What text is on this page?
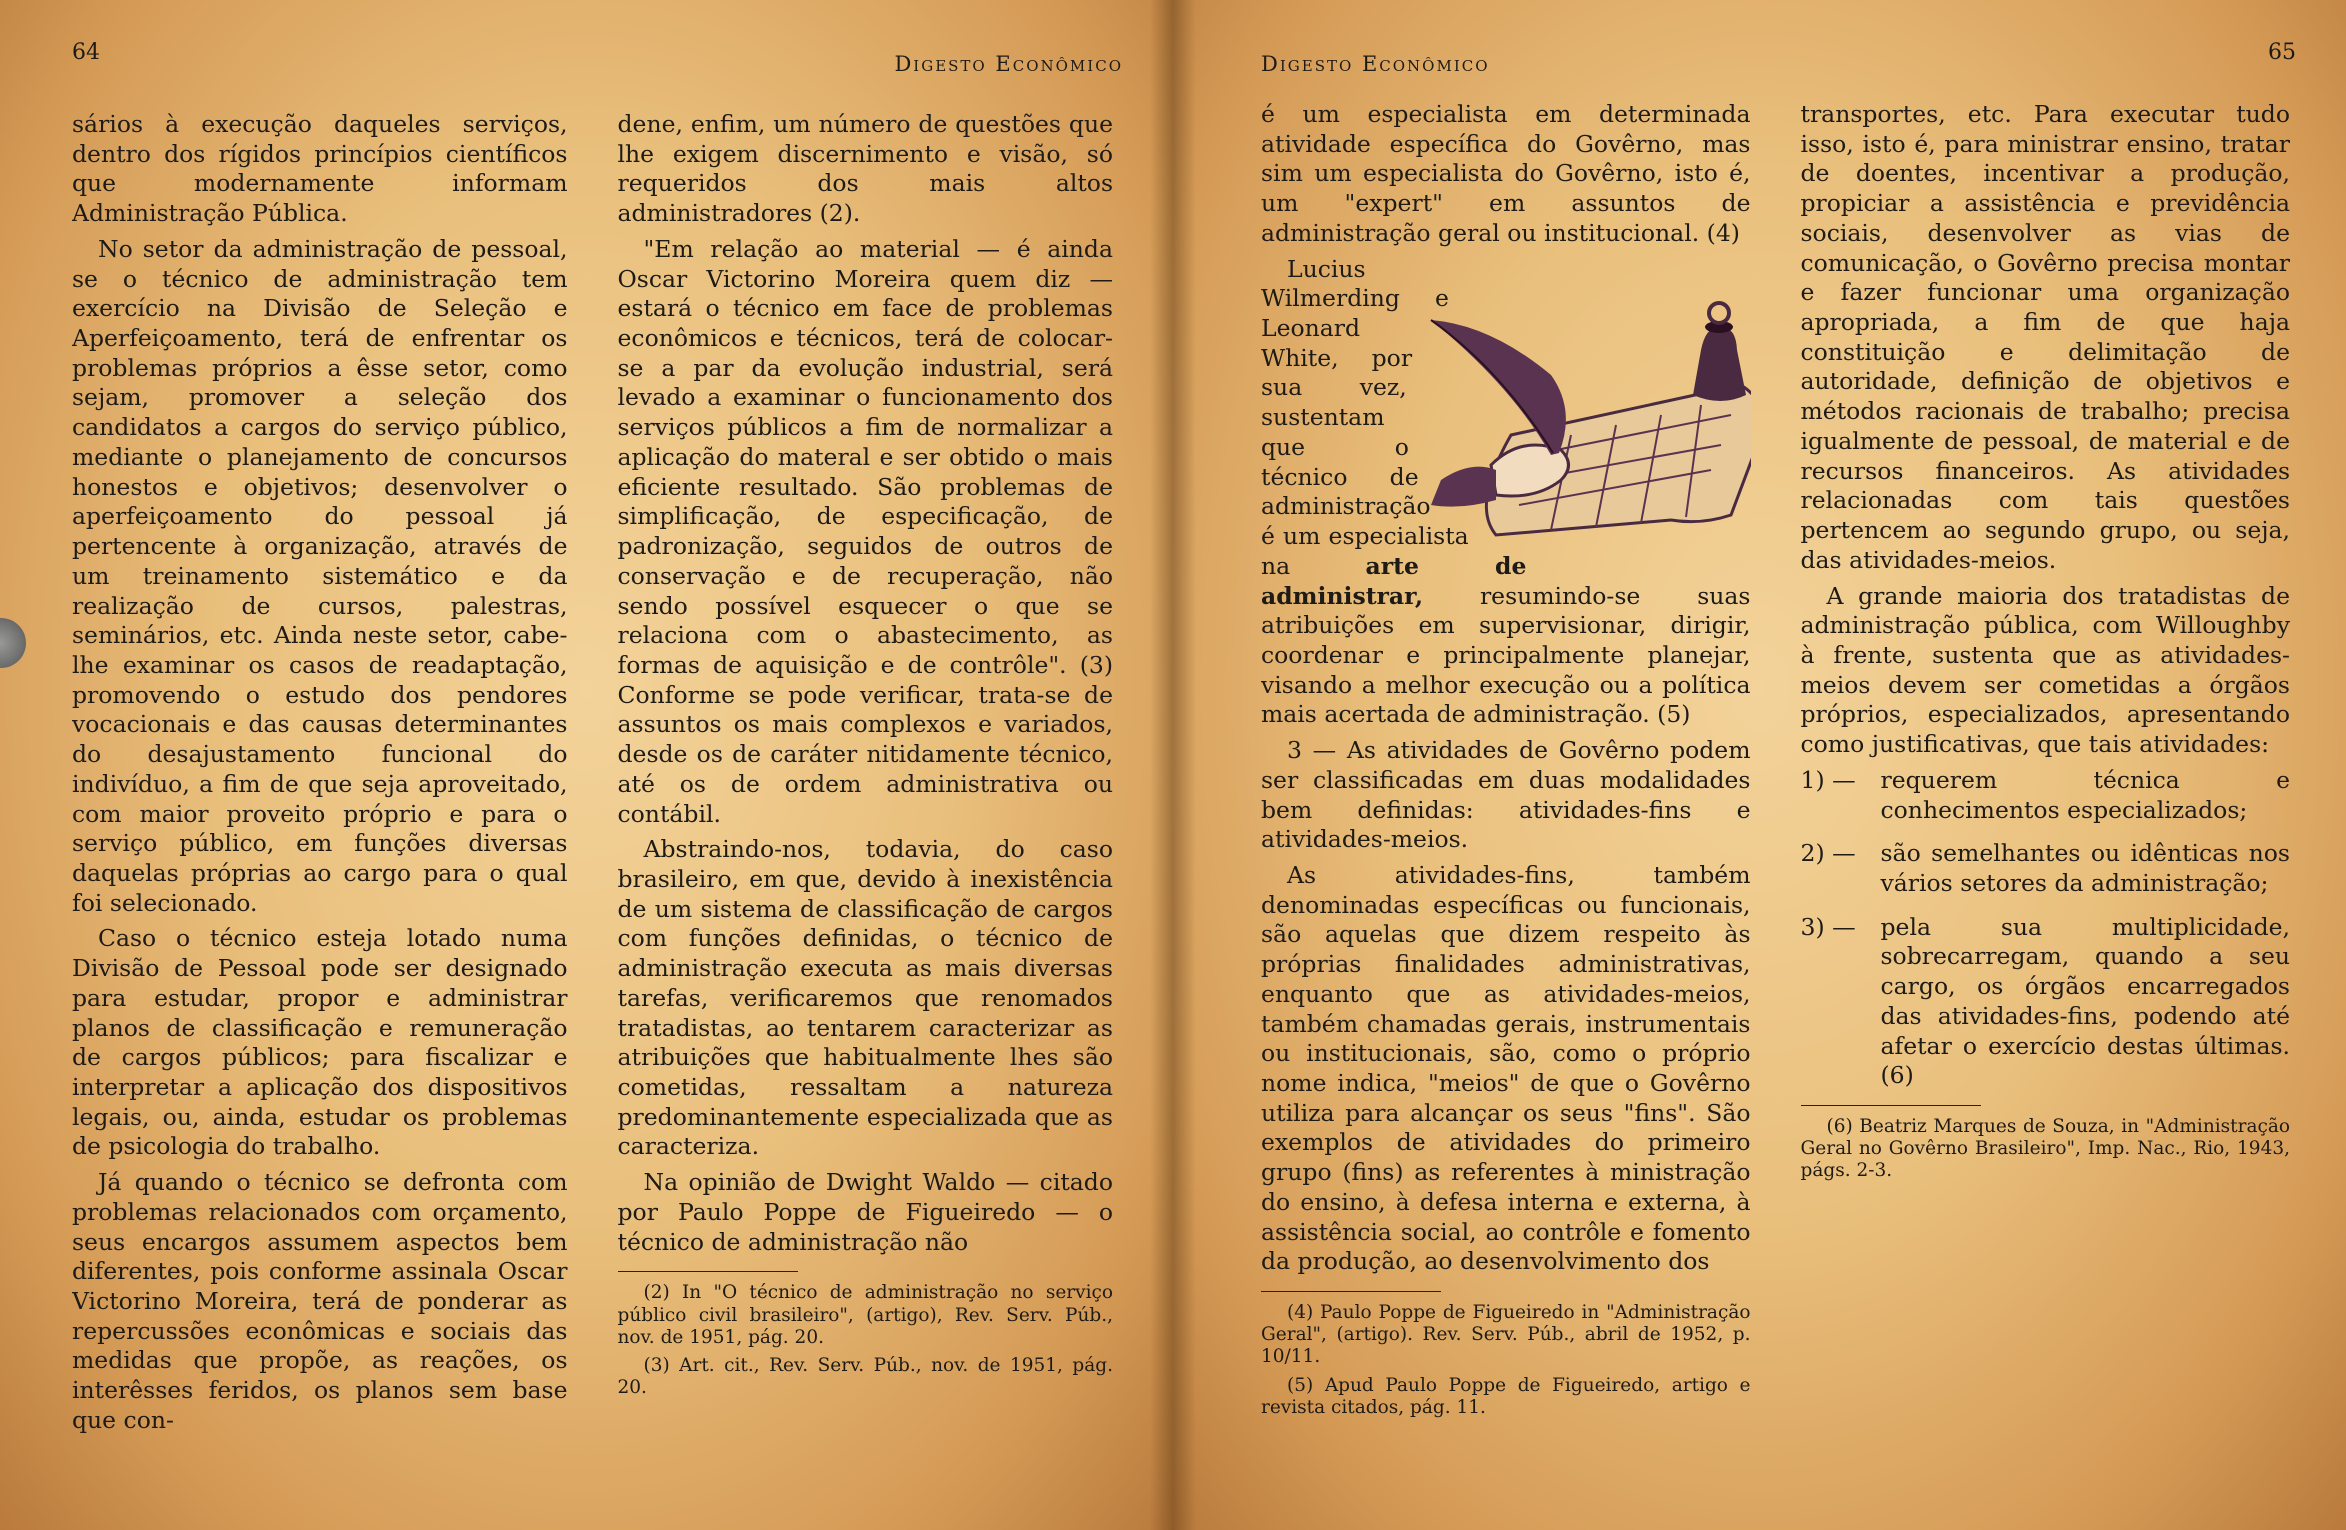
64	Digesto Econômico

sários à execução daqueles serviços, dentro dos rígidos princípios científicos que modernamente informam Administração Pública.

No setor da administração de pessoal, se o técnico de administração tem exercício na Divisão de Seleção e Aperfeiçoamento, terá de enfrentar os problemas próprios a êsse setor, como sejam, promover a seleção dos candidatos a cargos do serviço público, mediante o planejamento de concursos honestos e objetivos; desenvolver o aperfeiçoamento do pessoal já pertencente à organização, através de um treinamento sistemático e da realização de cursos, palestras, seminários, etc. Ainda neste setor, cabe-lhe examinar os casos de readaptação, promovendo o estudo dos pendores vocacionais e das causas determinantes do desajustamento funcional do indivíduo, a fim de que seja aproveitado, com maior proveito próprio e para o serviço público, em funções diversas daquelas próprias ao cargo para o qual foi selecionado.

Caso o técnico esteja lotado numa Divisão de Pessoal pode ser designado para estudar, propor e administrar planos de classificação e remuneração de cargos públicos; para fiscalizar e interpretar a aplicação dos dispositivos legais, ou, ainda, estudar os problemas de psicologia do trabalho.

Já quando o técnico se defronta com problemas relacionados com orçamento, seus encargos assumem aspectos bem diferentes, pois conforme assinala Oscar Victorino Moreira, terá de ponderar as repercussões econômicas e sociais das medidas que propõe, as reações, os interêsses feridos, os planos sem base que con-

dene, enfim, um número de questões que lhe exigem discernimento e visão, só requeridos dos mais altos administradores (2).

"Em relação ao material — é ainda Oscar Victorino Moreira quem diz — estará o técnico em face de problemas econômicos e técnicos, terá de colocar-se a par da evolução industrial, será levado a examinar o funcionamento dos serviços públicos a fim de normalizar a aplicação do materal e ser obtido o mais eficiente resultado. São problemas de simplificação, de especificação, de padronização, seguidos de outros de conservação e de recuperação, não sendo possível esquecer o que se relaciona com o abastecimento, as formas de aquisição e de contrôle". (3) Conforme se pode verificar, trata-se de assuntos os mais complexos e variados, desde os de caráter nitidamente técnico, até os de ordem administrativa ou contábil.

Abstraindo-nos, todavia, do caso brasileiro, em que, devido à inexistência de um sistema de classificação de cargos com funções definidas, o técnico de administração executa as mais diversas tarefas, verificaremos que renomados tratadistas, ao tentarem caracterizar as atribuições que habitualmente lhes são cometidas, ressaltam a natureza predominantemente especializada que as caracteriza.

Na opinião de Dwight Waldo — citado por Paulo Poppe de Figueiredo — o técnico de administração não

(2) In "O técnico de administração no serviço público civil brasileiro", (artigo), Rev. Serv. Púb., nov. de 1951, pág. 20.

(3) Art. cit., Rev. Serv. Púb., nov. de 1951, pág. 20.

Digesto Econômico	65

é um especialista em determinada atividade específica do Govêrno, mas sim um especialista do Govêrno, isto é, um "expert" em assuntos de administração geral ou institucional. (4)

Lucius Wilmerding e Leonard White, por sua vez, sustentam que o técnico de administração é um especialista na arte de administrar, resumindo-se suas atribuições em supervisionar, dirigir, coordenar e principalmente planejar, visando a melhor execução ou a política mais acertada de administração. (5)

3 — As atividades de Govêrno podem ser classificadas em duas modalidades bem definidas: atividades-fins e atividades-meios.

As atividades-fins, também denominadas específicas ou funcionais, são aquelas que dizem respeito às próprias finalidades administrativas, enquanto que as atividades-meios, também chamadas gerais, instrumentais ou institucionais, são, como o próprio nome indica, "meios" de que o Govêrno utiliza para alcançar os seus "fins". São exemplos de atividades do primeiro grupo (fins) as referentes à ministração do ensino, à defesa interna e externa, à assistência social, ao contrôle e fomento da produção, ao desenvolvimento dos

(4) Paulo Poppe de Figueiredo in "Administração Geral", (artigo). Rev. Serv. Púb., abril de 1952, p. 10/11.

(5) Apud Paulo Poppe de Figueiredo, artigo e revista citados, pág. 11.

transportes, etc. Para executar tudo isso, isto é, para ministrar ensino, tratar de doentes, incentivar a produção, propiciar a assistência e previdência sociais, desenvolver as vias de comunicação, o Govêrno precisa montar e fazer funcionar uma organização apropriada, a fim de que haja constituição e delimitação de autoridade, definição de objetivos e métodos racionais de trabalho; precisa igualmente de pessoal, de material e de recursos financeiros. As atividades relacionadas com tais questões pertencem ao segundo grupo, ou seja, das atividades-meios.

A grande maioria dos tratadistas de administração pública, com Willoughby à frente, sustenta que as atividades-meios devem ser cometidas a órgãos próprios, especializados, apresentando como justificativas, que tais atividades:

1) —	requerem técnica e conhecimentos especializados;
2) —	são semelhantes ou idênticas nos vários setores da administração;
3) —	pela sua multiplicidade, sobrecarregam, quando a seu cargo, os órgãos encarregados das atividades-fins, podendo até afetar o exercício destas últimas. (6)

(6) Beatriz Marques de Souza, in "Administração Geral no Govêrno Brasileiro", Imp. Nac., Rio, 1943, págs. 2-3.
